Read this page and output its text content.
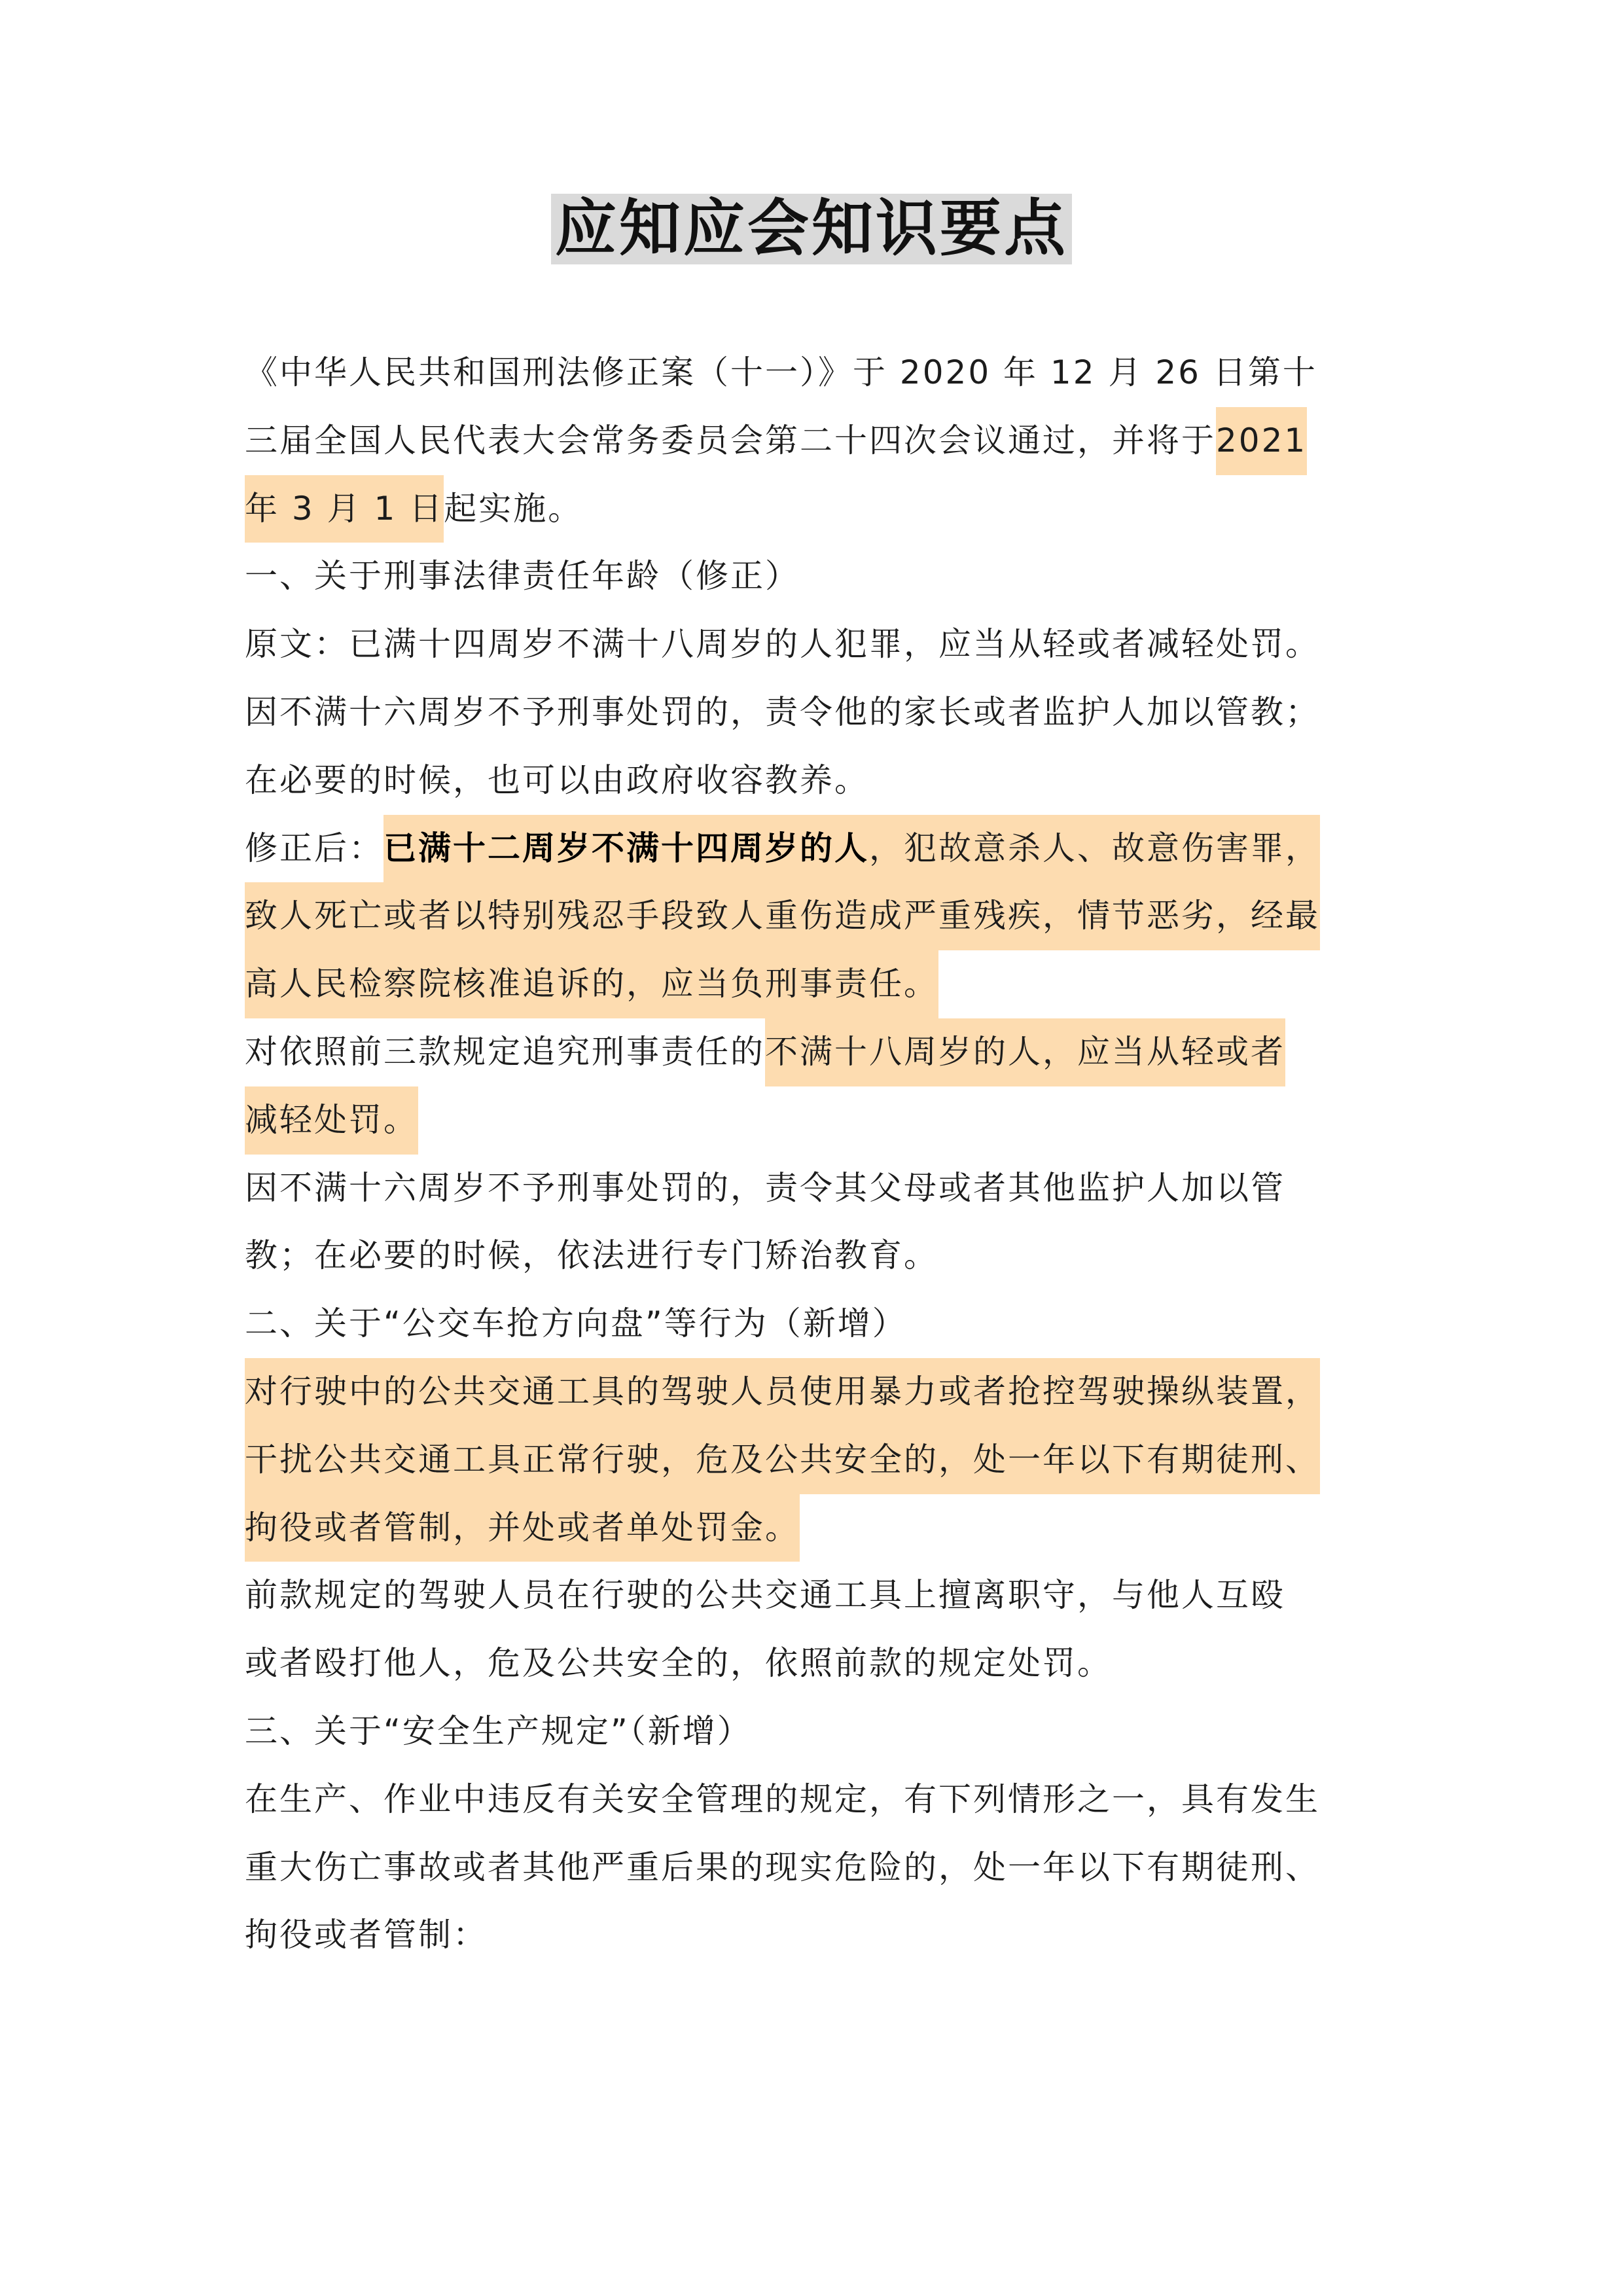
应知应会知识要点
《中华人民共和国刑法修正案（十一）》于 2020 年 12 月 26 日第十
三届全国人民代表大会常务委员会第二十四次会议通过，并将于2021
年 3 月 1 日起实施。
一、关于刑事法律责任年龄（修正）
原文：已满十四周岁不满十八周岁的人犯罪，应当从轻或者减轻处罚。
因不满十六周岁不予刑事处罚的，责令他的家长或者监护人加以管教；
在必要的时候，也可以由政府收容教养。
修正后：已满十二周岁不满十四周岁的人，犯故意杀人、故意伤害罪，
致人死亡或者以特别残忍手段致人重伤造成严重残疾，情节恶劣，经最
高人民检察院核准追诉的，应当负刑事责任。
对依照前三款规定追究刑事责任的不满十八周岁的人，应当从轻或者
减轻处罚。
因不满十六周岁不予刑事处罚的，责令其父母或者其他监护人加以管
教；在必要的时候，依法进行专门矫治教育。
二、关于“公交车抢方向盘”等行为（新增）
对行驶中的公共交通工具的驾驶人员使用暴力或者抢控驾驶操纵装置，
干扰公共交通工具正常行驶，危及公共安全的，处一年以下有期徒刑、
拘役或者管制，并处或者单处罚金。
前款规定的驾驶人员在行驶的公共交通工具上擅离职守，与他人互殴
或者殴打他人，危及公共安全的，依照前款的规定处罚。
三、关于“安全生产规定”（新增）
在生产、作业中违反有关安全管理的规定，有下列情形之一，具有发生
重大伤亡事故或者其他严重后果的现实危险的，处一年以下有期徒刑、
拘役或者管制：
